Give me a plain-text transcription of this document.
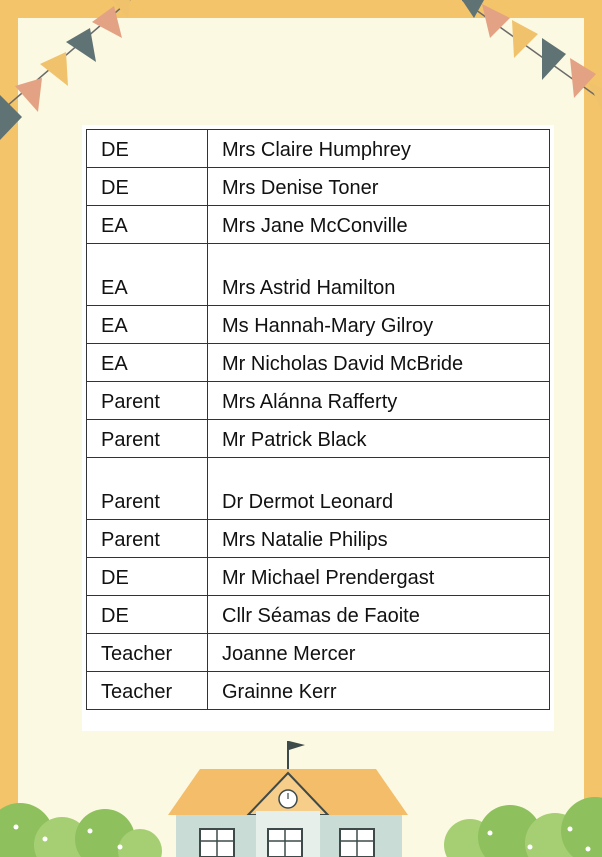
DE	Mrs Claire Humphrey
DE	Mrs Denise Toner
EA	Mrs Jane McConville
EA	Mrs Astrid Hamilton
EA	Ms Hannah-Mary Gilroy
EA	Mr Nicholas David McBride
Parent	Mrs Alánna Rafferty
Parent	Mr Patrick Black
Parent	Dr Dermot Leonard
Parent	Mrs Natalie Philips
DE	Mr Michael Prendergast
DE	Cllr Séamas de Faoite
Teacher	Joanne Mercer
Teacher	Grainne Kerr
